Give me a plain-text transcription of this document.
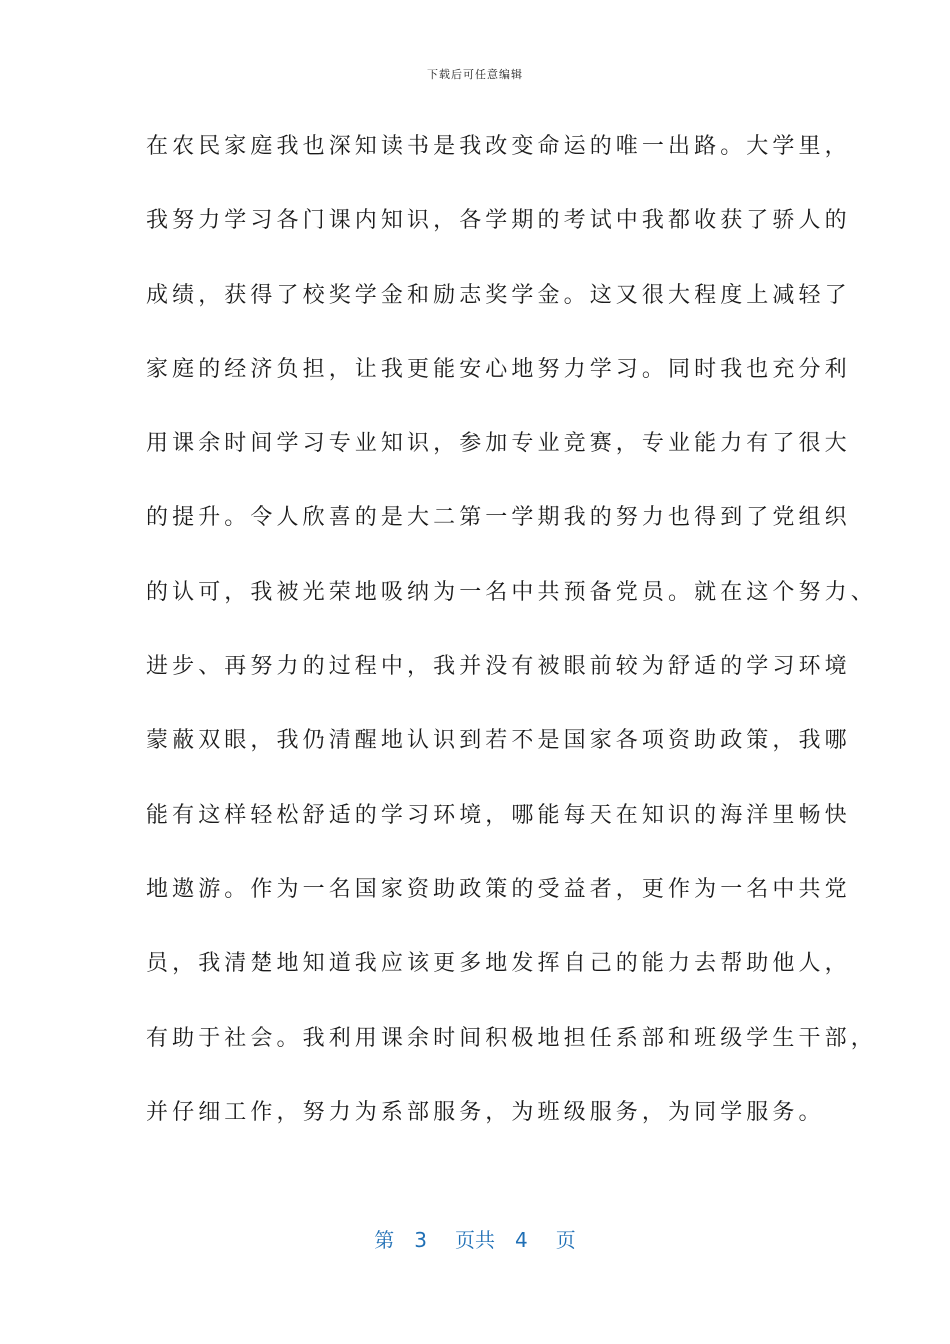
下载后可任意编辑
在农民家庭我也深知读书是我改变命运的唯一出路。大学里，
我努力学习各门课内知识，各学期的考试中我都收获了骄人的
成绩，获得了校奖学金和励志奖学金。这又很大程度上减轻了
家庭的经济负担，让我更能安心地努力学习。同时我也充分利
用课余时间学习专业知识，参加专业竞赛，专业能力有了很大
的提升。令人欣喜的是大二第一学期我的努力也得到了党组织
的认可，我被光荣地吸纳为一名中共预备党员。就在这个努力、
进步、再努力的过程中，我并没有被眼前较为舒适的学习环境
蒙蔽双眼，我仍清醒地认识到若不是国家各项资助政策，我哪
能有这样轻松舒适的学习环境，哪能每天在知识的海洋里畅快
地遨游。作为一名国家资助政策的受益者，更作为一名中共党
员，我清楚地知道我应该更多地发挥自己的能力去帮助他人，
有助于社会。我利用课余时间积极地担任系部和班级学生干部，
并仔细工作，努力为系部服务，为班级服务，为同学服务。
第 3 页共 4 页
